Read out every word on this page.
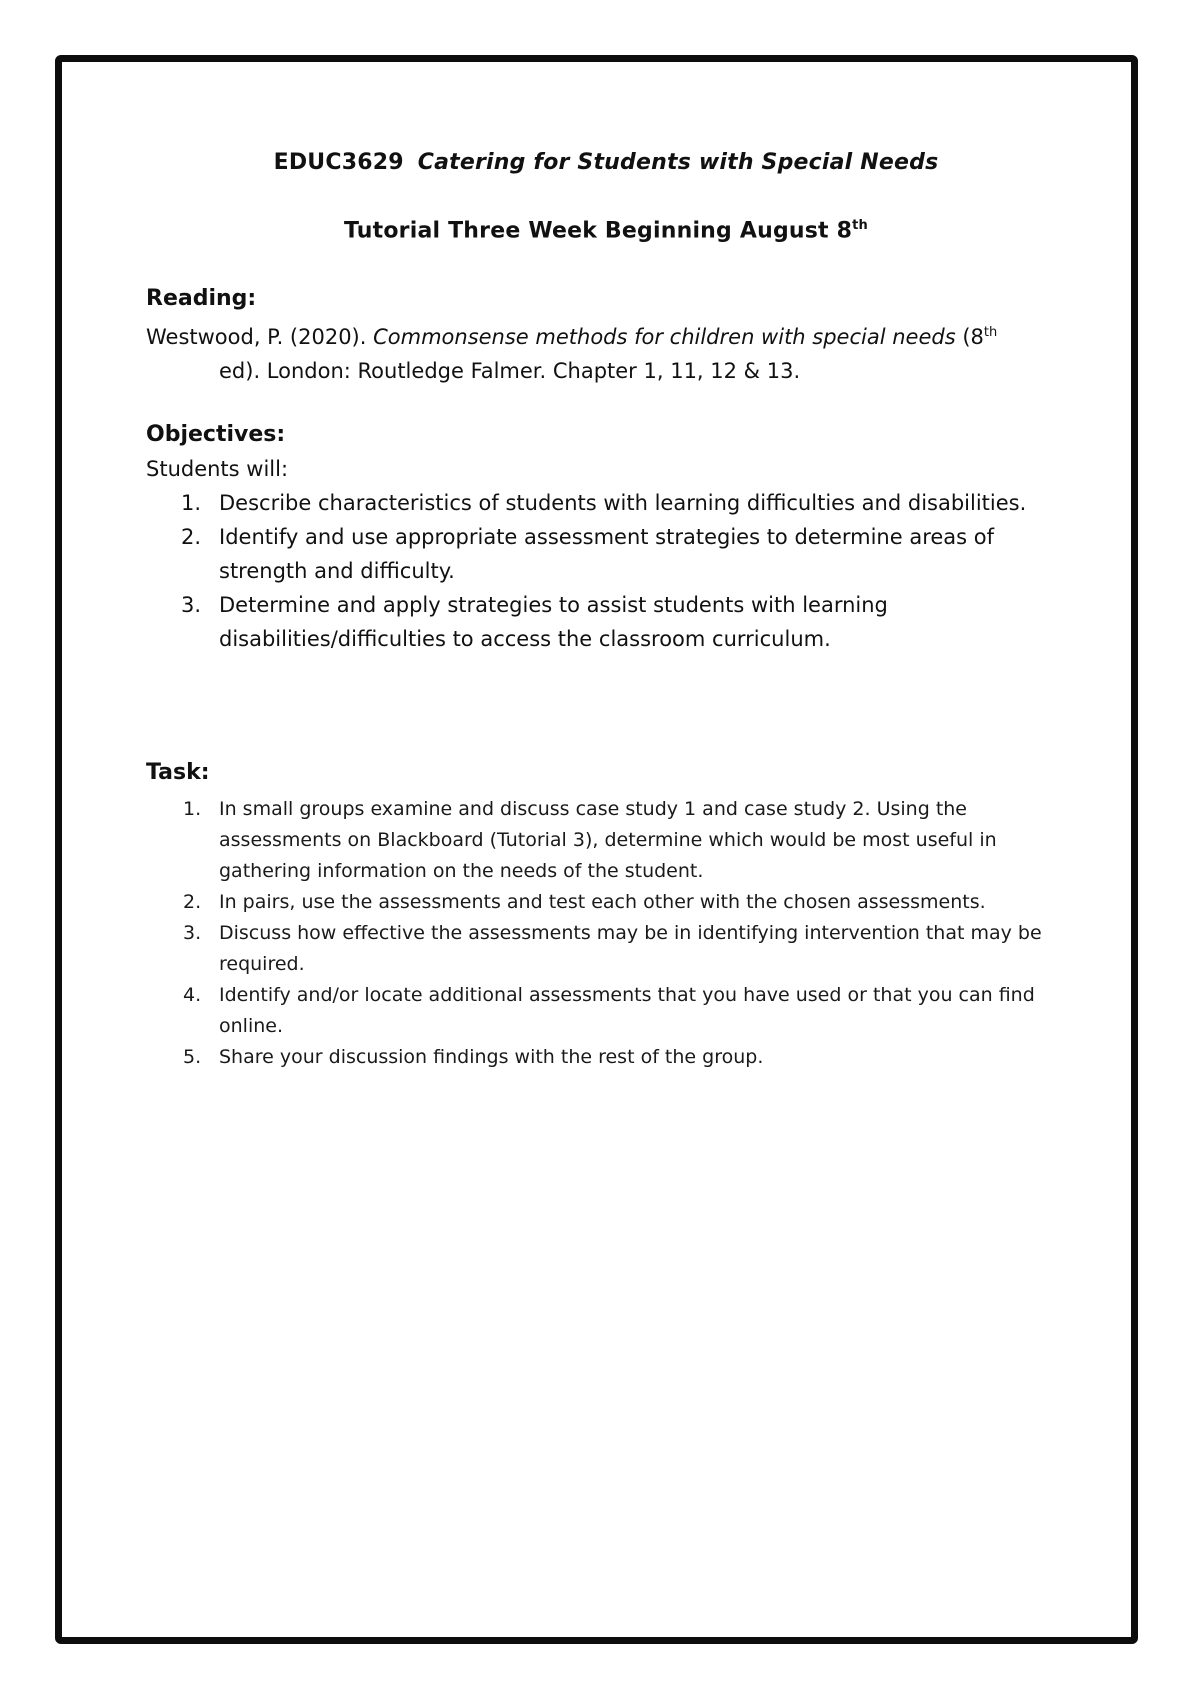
EDUC3629 Catering for Students with Special Needs
Tutorial Three Week Beginning August 8th
Reading:
Westwood, P. (2020). Commonsense methods for children with special needs (8th
ed). London: Routledge Falmer. Chapter 1, 11, 12 & 13.
Objectives:
Students will:
1. Describe characteristics of students with learning difficulties and disabilities.
2. Identify and use appropriate assessment strategies to determine areas of strength and difficulty.
3. Determine and apply strategies to assist students with learning disabilities/difficulties to access the classroom curriculum.
Task:
1. In small groups examine and discuss case study 1 and case study 2. Using the assessments on Blackboard (Tutorial 3), determine which would be most useful in gathering information on the needs of the student.
2. In pairs, use the assessments and test each other with the chosen assessments.
3. Discuss how effective the assessments may be in identifying intervention that may be required.
4. Identify and/or locate additional assessments that you have used or that you can find online.
5. Share your discussion findings with the rest of the group.
